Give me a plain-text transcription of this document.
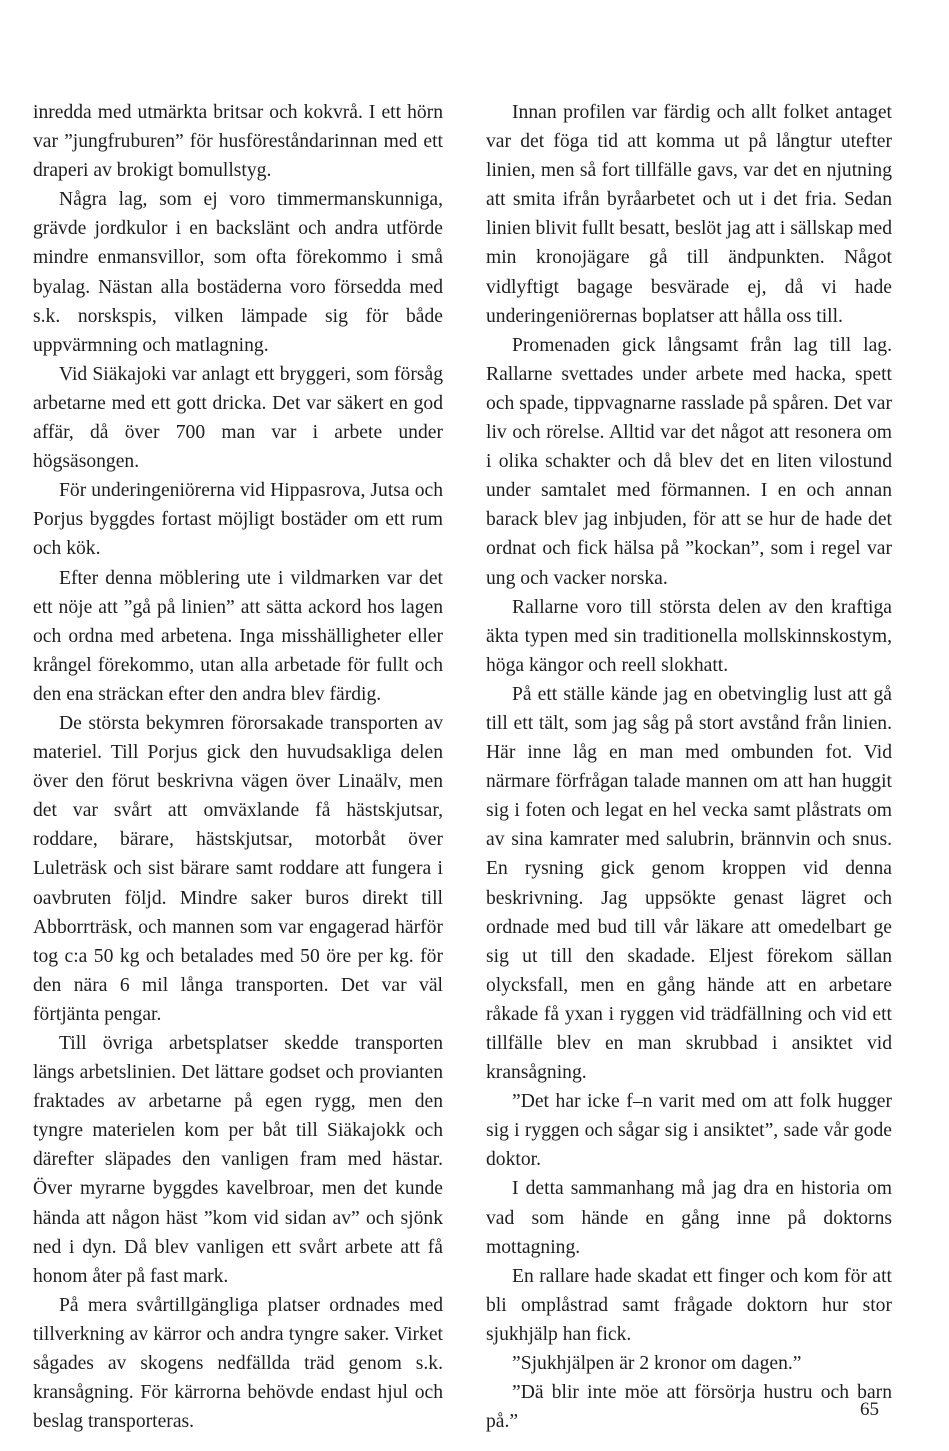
inredda med utmärkta britsar och kokvrå. I ett hörn var ”jungfruburen” för husföreståndarinnan med ett draperi av brokigt bomullstyg.

Några lag, som ej voro timmermanskunniga, grävde jordkulor i en backslänt och andra utförde mindre enmansvillor, som ofta förekommo i små byalag. Nästan alla bostäderna voro försedda med s.k. norskspis, vilken lämpade sig för både uppvärmning och matlagning.

Vid Siäkajoki var anlagt ett bryggeri, som försåg arbetarne med ett gott dricka. Det var säkert en god affär, då över 700 man var i arbete under högsäsongen.

För underingeniörerna vid Hippasrova, Jutsa och Porjus byggdes fortast möjligt bostäder om ett rum och kök.

Efter denna möblering ute i vildmarken var det ett nöje att ”gå på linien” att sätta ackord hos lagen och ordna med arbetena. Inga misshälligheter eller krångel förekommo, utan alla arbetade för fullt och den ena sträckan efter den andra blev färdig.

De största bekymren förorsakade transporten av materiel. Till Porjus gick den huvudsakliga delen över den förut beskrivna vägen över Linaälv, men det var svårt att omväxlande få hästskjutsar, roddare, bärare, hästskjutsar, motorbåt över Luleträsk och sist bärare samt roddare att fungera i oavbruten följd. Mindre saker buros direkt till Abborrträsk, och mannen som var engagerad härför tog c:a 50 kg och betalades med 50 öre per kg. för den nära 6 mil långa transporten. Det var väl förtjänta pengar.

Till övriga arbetsplatser skedde transporten längs arbetslinien. Det lättare godset och provianten fraktades av arbetarne på egen rygg, men den tyngre materielen kom per båt till Siäkajokk och därefter släpades den vanligen fram med hästar. Över myrarne byggdes kavelbroar, men det kunde hända att någon häst ”kom vid sidan av” och sjönk ned i dyn. Då blev vanligen ett svårt arbete att få honom åter på fast mark.

På mera svårtillgängliga platser ordnades med tillverkning av kärror och andra tyngre saker. Virket sågades av skogens nedfällda träd genom s.k. kransågning. För kärrorna behövde endast hjul och beslag transporteras.

Innan profilen var färdig och allt folket antaget var det föga tid att komma ut på långtur utefter linien, men så fort tillfälle gavs, var det en njutning att smita ifrån byråarbetet och ut i det fria. Sedan linien blivit fullt besatt, beslöt jag att i sällskap med min kronojägare gå till ändpunkten. Något vidlyftigt bagage besvärade ej, då vi hade underingeniörernas boplatser att hålla oss till.

Promenaden gick långsamt från lag till lag. Rallarne svettades under arbete med hacka, spett och spade, tippvagnarne rasslade på spåren. Det var liv och rörelse. Alltid var det något att resonera om i olika schakter och då blev det en liten vilostund under samtalet med förmannen. I en och annan barack blev jag inbjuden, för att se hur de hade det ordnat och fick hälsa på ”kockan”, som i regel var ung och vacker norska.

Rallarne voro till största delen av den kraftiga äkta typen med sin traditionella mollskinnskostym, höga kängor och reell slokhatt.

På ett ställe kände jag en obetvinglig lust att gå till ett tält, som jag såg på stort avstånd från linien. Här inne låg en man med ombunden fot. Vid närmare förfrågan talade mannen om att han huggit sig i foten och legat en hel vecka samt plåstrats om av sina kamrater med salubrin, brännvin och snus. En rysning gick genom kroppen vid denna beskrivning. Jag uppsökte genast lägret och ordnade med bud till vår läkare att omedelbart ge sig ut till den skadade. Eljest förekom sällan olycksfall, men en gång hände att en arbetare råkade få yxan i ryggen vid trädfällning och vid ett tillfälle blev en man skrubbad i ansiktet vid kransågning.

”Det har icke f–n varit med om att folk hugger sig i ryggen och sågar sig i ansiktet”, sade vår gode doktor.

I detta sammanhang må jag dra en historia om vad som hände en gång inne på doktorns mottagning.

En rallare hade skadat ett finger och kom för att bli omplåstrad samt frågade doktorn hur stor sjukhjälp han fick.

”Sjukhjälpen är 2 kronor om dagen.”

”Dä blir inte möe att försörja hustru och barn på.”

65
